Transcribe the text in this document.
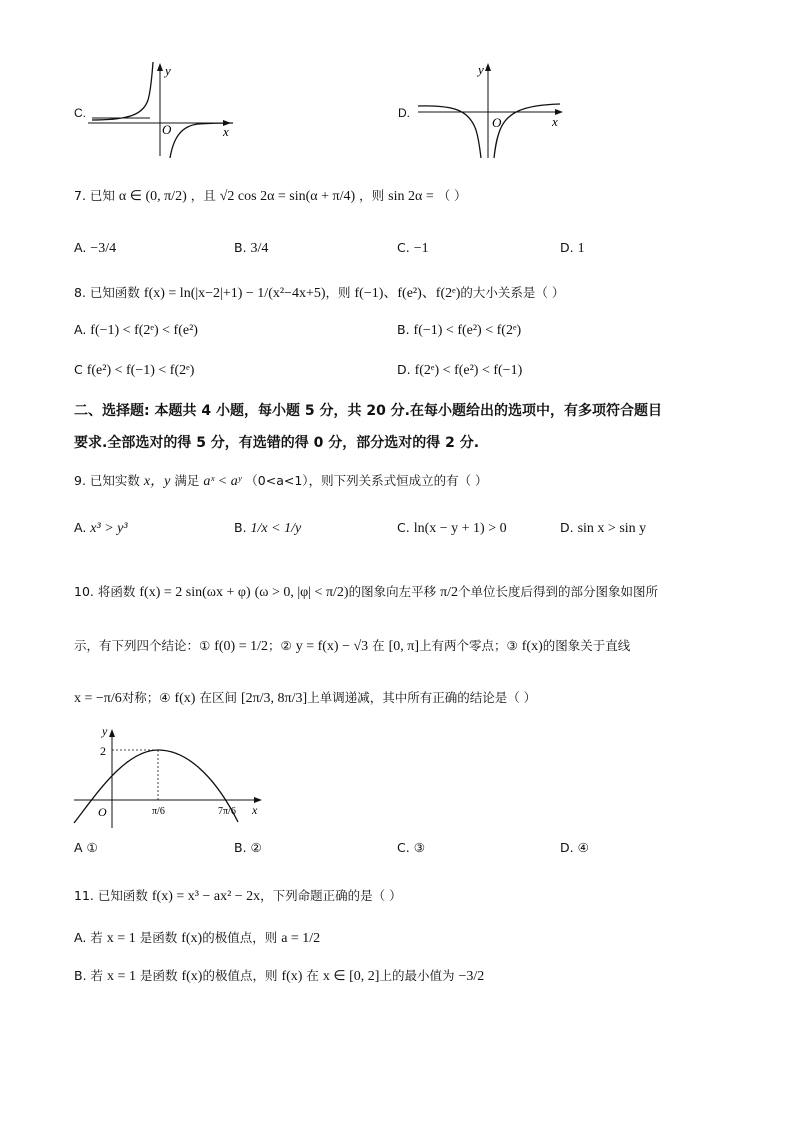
C.
y
x
O
D.
y
x
O
7. 已知 α ∈ (0, π/2) ，且 √2 cos 2α = sin(α + π/4) ，则 sin 2α = （ ）
A. −3/4	B. 3/4	C. −1	D. 1
8. 已知函数 f(x) = ln(|x−2|+1) − 1/(x²−4x+5)，则 f(−1)、f(e²)、f(2ᵉ)的大小关系是（ ）
A. f(−1) < f(2ᵉ) < f(e²)	B. f(−1) < f(e²) < f(2ᵉ)
C f(e²) < f(−1) < f(2ᵉ)	D. f(2ᵉ) < f(e²) < f(−1)
二、选择题: 本题共 4 小题，每小题 5 分，共 20 分.在每小题给出的选项中，有多项符合题目
要求.全部选对的得 5 分，有选错的得 0 分，部分选对的得 2 分.
9. 已知实数 x，y 满足 aˣ < aʸ （0<a<1），则下列关系式恒成立的有（ ）
A. x³ > y³	B. 1/x < 1/y	C. ln(x − y + 1) > 0	D. sin x > sin y
10. 将函数 f(x) = 2 sin(ωx + φ) (ω > 0, |φ| < π/2)的图象向左平移 π/2个单位长度后得到的部分图象如图所
示，有下列四个结论：① f(0) = 1/2；② y = f(x) − √3 在 [0, π]上有两个零点；③ f(x)的图象关于直线
x = −π/6对称；④ f(x) 在区间 [2π/3, 8π/3]上单调递减，其中所有正确的结论是（ ）
y
x
O
2
π/6	7π/6
A ①	B. ②	C. ③	D. ④
11. 已知函数 f(x) = x³ − ax² − 2x，下列命题正确的是（ ）
A. 若 x = 1 是函数 f(x)的极值点，则 a = 1/2
B. 若 x = 1 是函数 f(x)的极值点，则 f(x) 在 x ∈ [0, 2]上的最小值为 −3/2
